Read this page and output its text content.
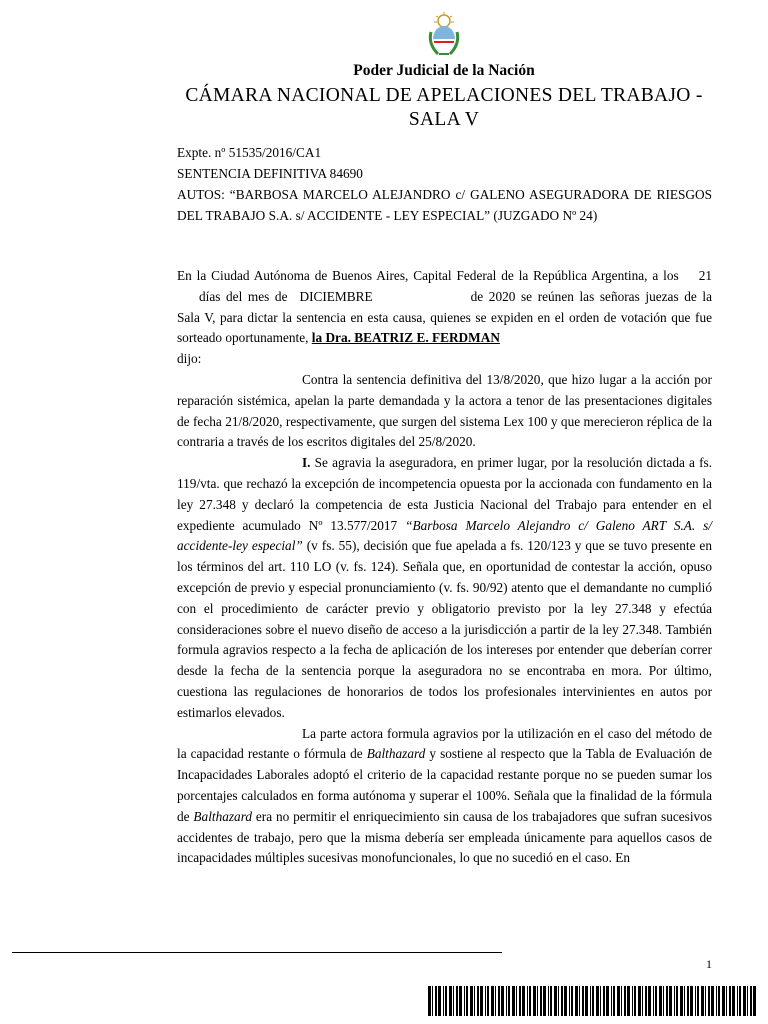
Poder Judicial de la Nación
CÁMARA NACIONAL DE APELACIONES DEL TRABAJO -
SALA V
Expte. nº 51535/2016/CA1
SENTENCIA DEFINITIVA 84690
AUTOS: “BARBOSA MARCELO ALEJANDRO c/ GALENO ASEGURADORA DE RIESGOS DEL TRABAJO S.A. s/ ACCIDENTE - LEY ESPECIAL” (JUZGADO Nº 24)

En la Ciudad Autónoma de Buenos Aires, Capital Federal de la República Argentina, a los 21días del mes de DICIEMBRE	de 2020 se reúnen las señoras juezas de la Sala V, para dictar la sentencia en esta causa, quienes se expiden en el orden de votación que fue sorteado oportunamente, la Dra. BEATRIZ E. FERDMAN
dijo:

Contra la sentencia definitiva del 13/8/2020, que hizo lugar a la acción por reparación sistémica, apelan la parte demandada y la actora a tenor de las presentaciones digitales de fecha 21/8/2020, respectivamente, que surgen del sistema Lex 100 y que merecieron réplica de la contraria a través de los escritos digitales del 25/8/2020.

I. Se agravia la aseguradora, en primer lugar, por la resolución dictada a fs. 119/vta. que rechazó la excepción de incompetencia opuesta por la accionada con fundamento en la ley 27.348 y declaró la competencia de esta Justicia Nacional del Trabajo para entender en el expediente acumulado Nº 13.577/2017 “Barbosa Marcelo Alejandro c/ Galeno ART S.A. s/ accidente-ley especial” (v fs. 55), decisión que fue apelada a fs. 120/123 y que se tuvo presente en los términos del art. 110 LO (v. fs. 124). Señala que, en oportunidad de contestar la acción, opuso excepción de previo y especial pronunciamiento (v. fs. 90/92) atento que el demandante no cumplió con el procedimiento de carácter previo y obligatorio previsto por la ley 27.348 y efectúa consideraciones sobre el nuevo diseño de acceso a la jurisdicción a partir de la ley 27.348. También formula agravios respecto a la fecha de aplicación de los intereses por entender que deberían correr desde la fecha de la sentencia porque la aseguradora no se encontraba en mora. Por último, cuestiona las regulaciones de honorarios de todos los profesionales intervinientes en autos por estimarlos elevados.

La parte actora formula agravios por la utilización en el caso del método de la capacidad restante o fórmula de Balthazard y sostiene al respecto que la Tabla de Evaluación de Incapacidades Laborales adoptó el criterio de la capacidad restante porque no se pueden sumar los porcentajes calculados en forma autónoma y superar el 100%. Señala que la finalidad de la fórmula de Balthazard era no permitir el enriquecimiento sin causa de los trabajadores que sufran sucesivos accidentes de trabajo, pero que la misma debería ser empleada únicamente para aquellos casos de incapacidades múltiples sucesivas monofuncionales, lo que no sucedió en el caso. En

1
